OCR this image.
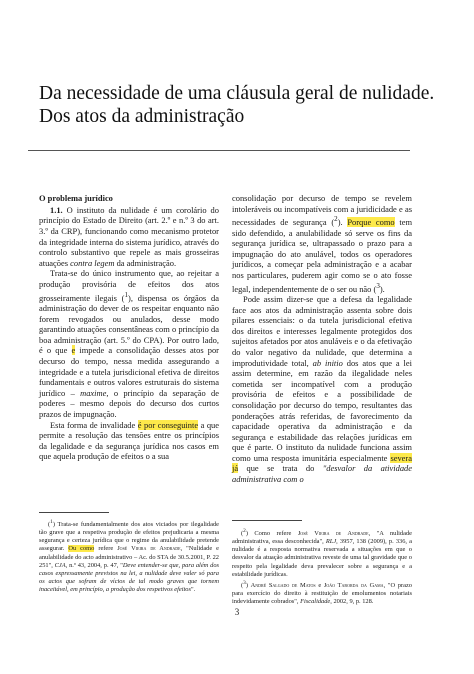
Da necessidade de uma cláusula geral de nulidade. Dos atos da administração

O problema jurídico

1.1. O instituto da nulidade é um corolário do princípio do Estado de Direito (art. 2.º e n.º 3 do art. 3.º da CRP), funcionando como mecanismo protetor da integridade interna do sistema jurídico, através do controlo substantivo que repele as mais grosseiras atuações contra legem da administração.

Trata-se do único instrumento que, ao rejeitar a produção provisória de efeitos dos atos grosseiramente ilegais ($^1$), dispensa os órgãos da administração do dever de os respeitar enquanto não forem revogados ou anulados, desse modo garantindo atuações consentâneas com o princípio da boa administração (art. 5.º do CPA). Por outro lado, é o que e impede a consolidação desses atos por decurso do tempo, nessa medida assegurando a integridade e a tutela jurisdicional efetiva de direitos fundamentais e outros valores estruturais do sistema jurídico – maxime, o princípio da separação de poderes – mesmo depois do decurso dos curtos prazos de impugnação.

Esta forma de invalidade é por conseguinte a que permite a resolução das tensões entre os princípios da legalidade e da segurança jurídica nos casos em que aquela produção de efeitos o a sua

consolidação por decurso de tempo se revelem intoleráveis ou incompatíveis com a juridicidade e as necessidades de segurança ($^2$). Porque como tem sido defendido, a anulabilidade só serve os fins da segurança jurídica se, ultrapassado o prazo para a impugnação do ato anulável, todos os operadores jurídicos, a começar pela administração e a acabar nos particulares, puderem agir como se o ato fosse legal, independentemente de o ser ou não ($^3$).

Pode assim dizer-se que a defesa da legalidade face aos atos da administração assenta sobre dois pilares essenciais: o da tutela jurisdicional efetiva dos direitos e interesses legalmente protegidos dos sujeitos afetados por atos anuláveis e o da efetivação do valor negativo da nulidade, que determina a improdutividade total, ab initio dos atos que a lei assim determine, em razão da ilegalidade neles cometida ser incompatível com a produção provisória de efeitos e a possibilidade de consolidação por decurso do tempo, resultantes das ponderações atrás referidas, de favorecimento da capacidade operativa da administração e da segurança e estabilidade das relações jurídicas em que é parte. O instituto da nulidade funciona assim como uma resposta imunitária especialmente severa já que se trata do "desvalor da atividade administrativa com o

($^1$) Trata-se fundamentalmente dos atos viciados por ilegalidade tão grave que a respetiva produção de efeitos prejudicaria a mesma segurança e certeza jurídica que o regime da anulabilidade pretende assegurar. Ou como refere José Vieira de Andrade, "Nulidade e anulabilidade do acto administrativo – Ac. do STA de 30.5.2001, P. 22 251", CJA, n.º 43, 2004, p. 47, "Deve entender-se que, para além dos casos expressamente previstos na lei, a nulidade deve valer só para os actos que sofram de vícios de tal modo graves que tornem inaceitável, em princípio, a produção dos respetivos efeitos".

($^2$) Como refere José Vieira de Andrade, "A nulidade administrativa, essa desconhecida", RLJ, 3957, 138 (2009), p. 336, a nulidade é a resposta normativa reservada a situações em que o desvalor da atuação administrativa reveste de uma tal gravidade que o respeito pela legalidade deva prevalecer sobre a segurança e a estabilidade jurídicas.

($^3$) André Salgado de Matos e João Taborda da Gama, "O prazo para exercício do direito à restituição de emolumentos notariais indevidamente cobrados", Fiscalidade, 2002, 9, p. 128.

3
